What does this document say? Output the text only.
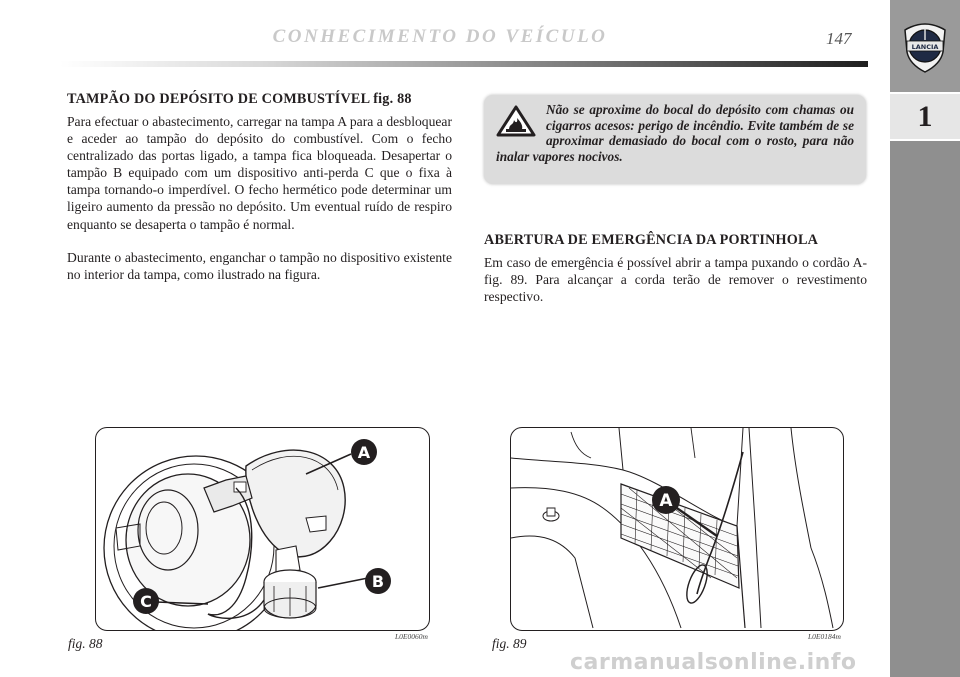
CONHECIMENTO DO VEÍCULO	147	LANCIA
1
TAMPÃO DO DEPÓSITO DE COMBUSTÍVEL fig. 88
Para efectuar o abastecimento, carregar na tampa A para a desbloquear e aceder ao tampão do depósito do combustível. Com o fecho centralizado das portas ligado, a tampa fica bloqueada. Desapertar o tampão B equipado com um dispositivo anti-perda C que o fixa à tampa tornando-o imperdível. O fecho hermético pode determinar um ligeiro aumento da pressão no depósito. Um eventual ruído de respiro enquanto se desaperta o tampão é normal.
Durante o abastecimento, enganchar o tampão no dispositivo existente no interior da tampa, como ilustrado na figura.
Não se aproxime do bocal do depósito com chamas ou cigarros acesos: perigo de incêndio. Evite também de se aproximar demasiado do bocal com o rosto, para não inalar vapores nocivos.
ABERTURA DE EMERGÊNCIA DA PORTINHOLA
Em caso de emergência é possível abrir a tampa puxando o cordão A-fig. 89. Para alcançar a corda terão de remover o revestimento respectivo.
A
B
C
fig. 88	L0E0060m
A
fig. 89	L0E0184m
carmanualsonline.info
